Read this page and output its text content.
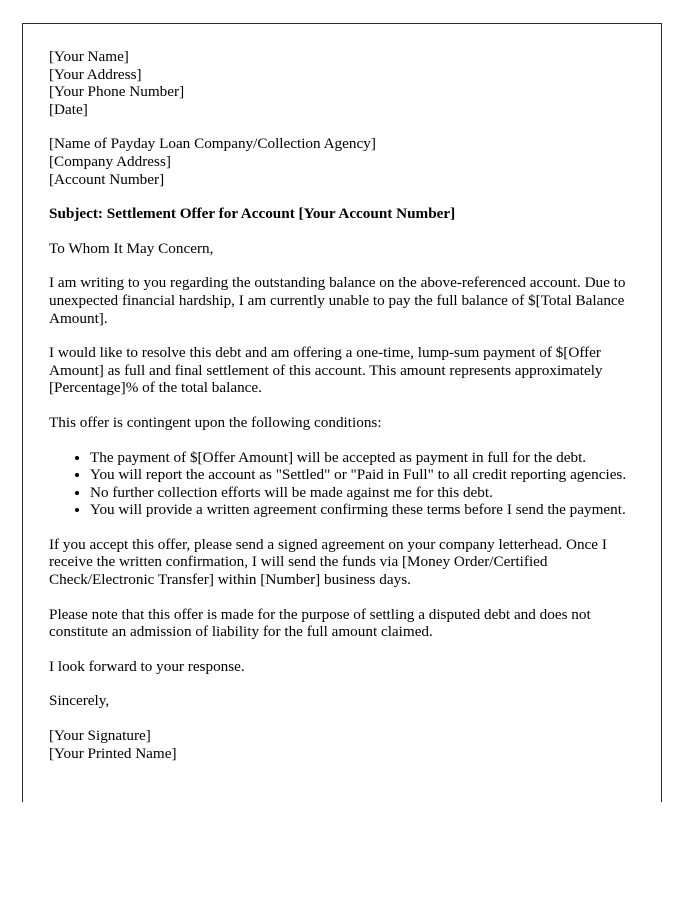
[Your Name]
[Your Address]
[Your Phone Number]
[Date]
[Name of Payday Loan Company/Collection Agency]
[Company Address]
[Account Number]
Subject: Settlement Offer for Account [Your Account Number]
To Whom It May Concern,

I am writing to you regarding the outstanding balance on the above-referenced account. Due to unexpected financial hardship, I am currently unable to pay the full balance of $[Total Balance Amount].

I would like to resolve this debt and am offering a one-time, lump-sum payment of $[Offer Amount] as full and final settlement of this account. This amount represents approximately [Percentage]% of the total balance.

This offer is contingent upon the following conditions:

• The payment of $[Offer Amount] will be accepted as payment in full for the debt.
• You will report the account as "Settled" or "Paid in Full" to all credit reporting agencies.
• No further collection efforts will be made against me for this debt.
• You will provide a written agreement confirming these terms before I send the payment.

If you accept this offer, please send a signed agreement on your company letterhead. Once I receive the written confirmation, I will send the funds via [Money Order/Certified Check/Electronic Transfer] within [Number] business days.

Please note that this offer is made for the purpose of settling a disputed debt and does not constitute an admission of liability for the full amount claimed.

I look forward to your response.

Sincerely,
[Your Signature]
[Your Printed Name]
